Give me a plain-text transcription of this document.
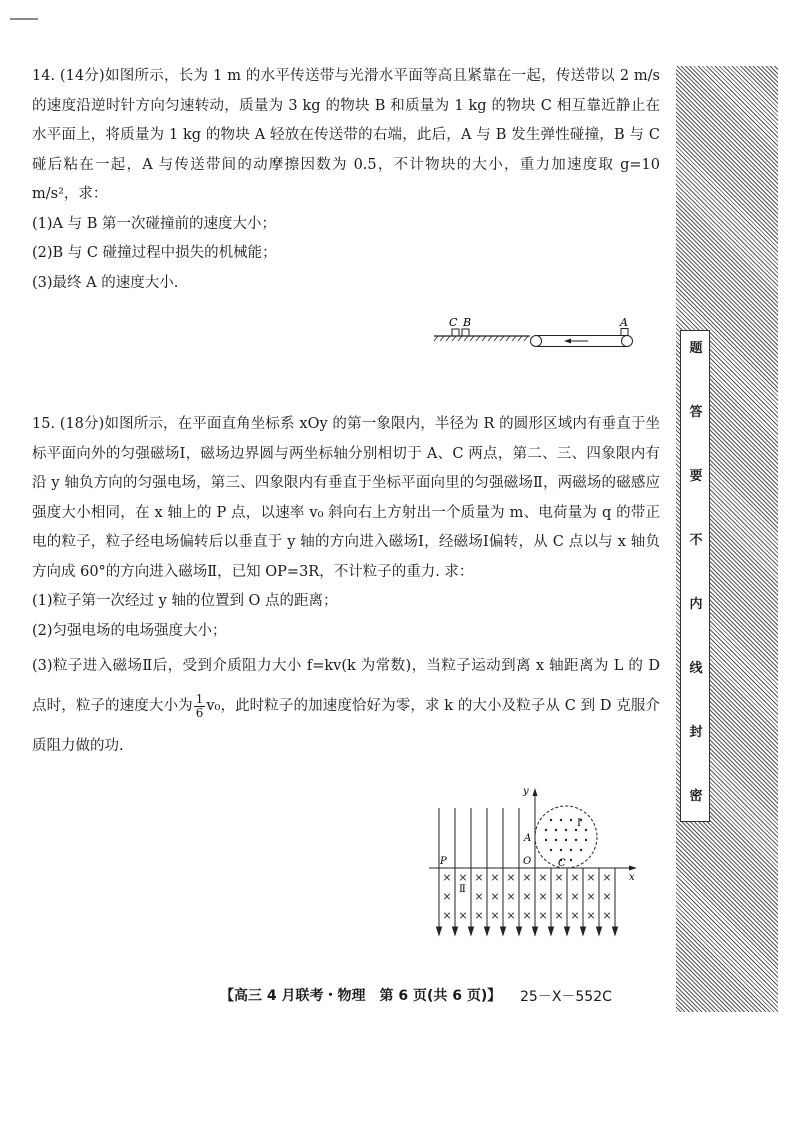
14. (14分)如图所示，长为 1 m 的水平传送带与光滑水平面等高且紧靠在一起，传送带以 2 m/s 的速度沿逆时针方向匀速转动，质量为 3 kg 的物块 B 和质量为 1 kg 的物块 C 相互靠近静止在水平面上，将质量为 1 kg 的物块 A 轻放在传送带的右端，此后，A 与 B 发生弹性碰撞，B 与 C 碰后粘在一起，A 与传送带间的动摩擦因数为 0.5，不计物块的大小，重力加速度取 g=10 m/s²，求：

(1)A 与 B 第一次碰撞前的速度大小；

(2)B 与 C 碰撞过程中损失的机械能；

(3)最终 A 的速度大小.

C B	A

15. (18分)如图所示，在平面直角坐标系 xOy 的第一象限内，半径为 R 的圆形区域内有垂直于坐标平面向外的匀强磁场Ⅰ，磁场边界圆与两坐标轴分别相切于 A、C 两点，第二、三、四象限内有沿 y 轴负方向的匀强电场，第三、四象限内有垂直于坐标平面向里的匀强磁场Ⅱ，两磁场的磁感应强度大小相同，在 x 轴上的 P 点，以速率 v₀ 斜向右上方射出一个质量为 m、电荷量为 q 的带正电的粒子，粒子经电场偏转后以垂直于 y 轴的方向进入磁场Ⅰ，经磁场Ⅰ偏转，从 C 点以与 x 轴负方向成 60°的方向进入磁场Ⅱ，已知 OP=3R，不计粒子的重力. 求：

(1)粒子第一次经过 y 轴的位置到 O 点的距离；

(2)匀强电场的电场强度大小；

(3)粒子进入磁场Ⅱ后，受到介质阻力大小 f=kv(k 为常数)，当粒子运动到离 x 轴距离为 L 的 D 点时，粒子的速度大小为 $\frac{1}{6} v_0$，此时粒子的加速度恰好为零，求 k 的大小及粒子从 C 到 D 克服介质阻力做的功.

× × × × × × × × × × ×
× × × × × × × × × ×
× × × × × × × × × × ×
y
x
P	O
A
C
Ⅰ
Ⅱ
题
答
要
不
内
线
封
密
【高三 4 月联考・物理　第 6 页(共 6 页)】 25－X－552C
